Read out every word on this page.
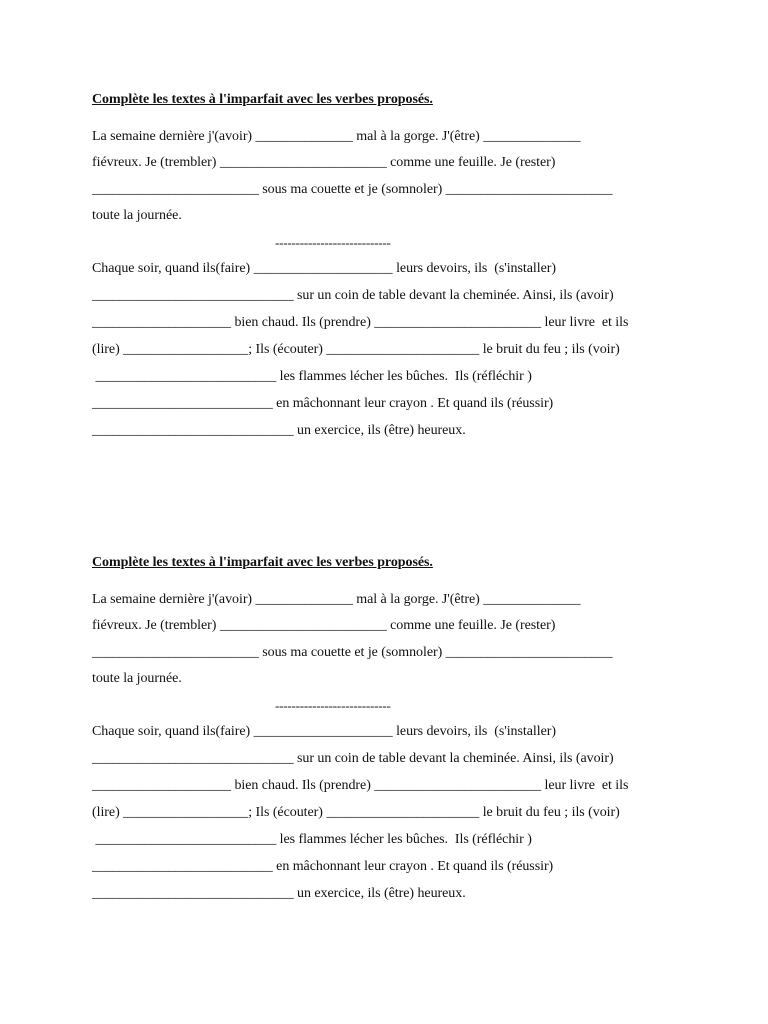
Complète les textes à l'imparfait avec les verbes proposés.
La semaine dernière j'(avoir) ______________ mal à la gorge. J'(être) ______________
fiévreux. Je (trembler) ________________________ comme une feuille. Je (rester)
________________________ sous ma couette et je (somnoler) ________________________
toute la journée.
----------------------------
Chaque soir, quand ils(faire) ____________________ leurs devoirs, ils  (s'installer)
_____________________________ sur un coin de table devant la cheminée. Ainsi, ils (avoir)
____________________ bien chaud. Ils (prendre) ________________________ leur livre  et ils
(lire) __________________; Ils (écouter) ______________________ le bruit du feu ; ils (voir)
__________________________ les flammes lécher les bûches.  Ils (réfléchir )
__________________________ en mâchonnant leur crayon . Et quand ils (réussir)
_____________________________ un exercice, ils (être) heureux.
Complète les textes à l'imparfait avec les verbes proposés.
La semaine dernière j'(avoir) ______________ mal à la gorge. J'(être) ______________
fiévreux. Je (trembler) ________________________ comme une feuille. Je (rester)
________________________ sous ma couette et je (somnoler) ________________________
toute la journée.
----------------------------
Chaque soir, quand ils(faire) ____________________ leurs devoirs, ils  (s'installer)
_____________________________ sur un coin de table devant la cheminée. Ainsi, ils (avoir)
____________________ bien chaud. Ils (prendre) ________________________ leur livre  et ils
(lire) __________________; Ils (écouter) ______________________ le bruit du feu ; ils (voir)
__________________________ les flammes lécher les bûches.  Ils (réfléchir )
__________________________ en mâchonnant leur crayon . Et quand ils (réussir)
_____________________________ un exercice, ils (être) heureux.
